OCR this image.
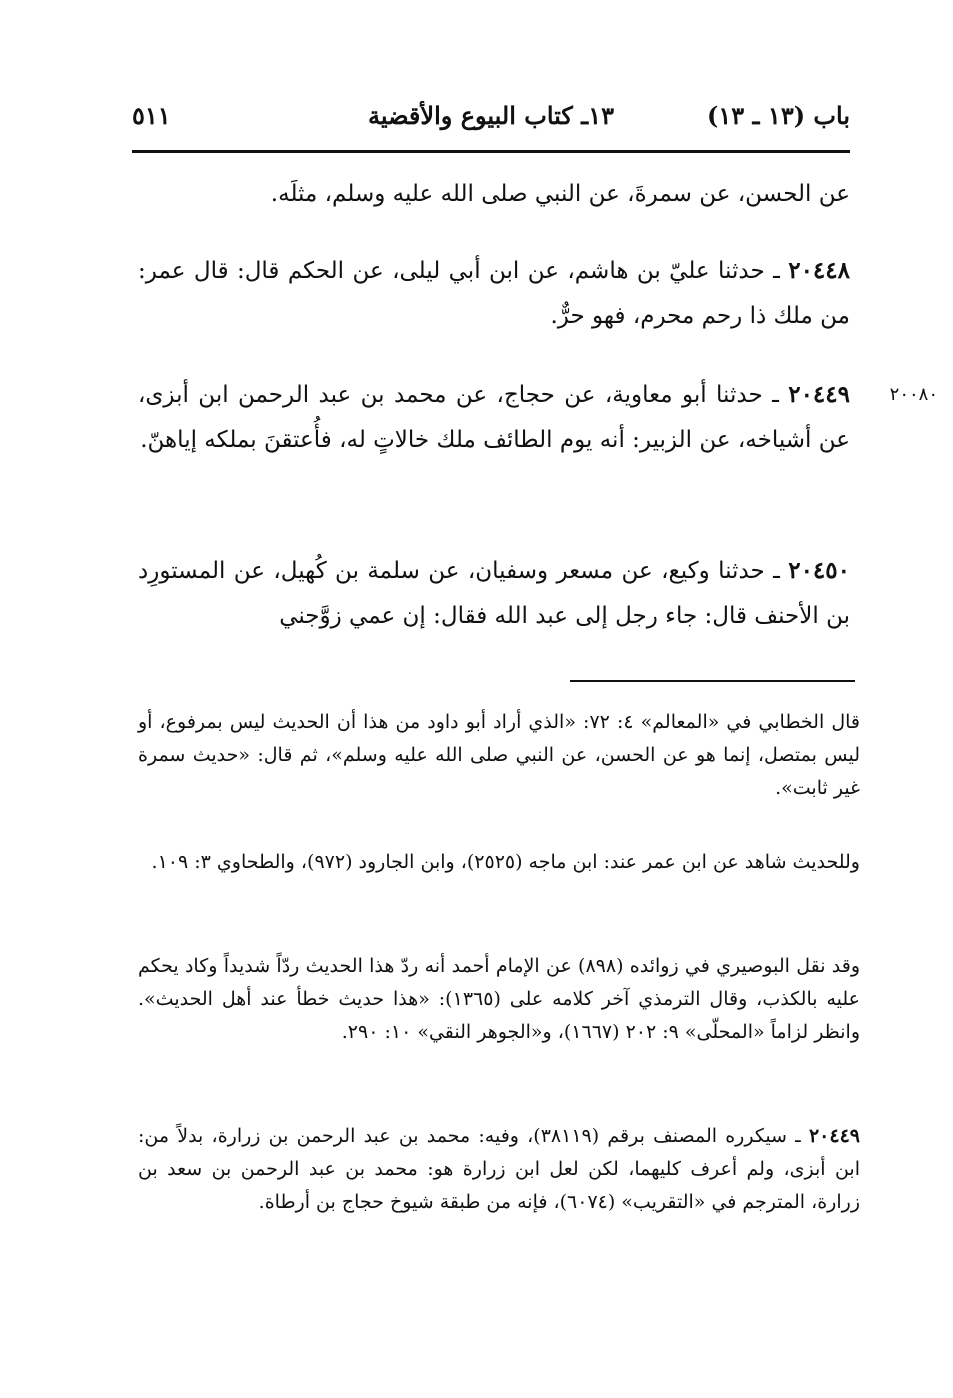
باب (١٣ ـ ١٣)
١٣ـ كتاب البيوع والأقضية
٥١١

عن الحسن، عن سمرةَ، عن النبي صلى الله عليه وسلم، مثلَه.

٢٠٤٤٨ ـ حدثنا عليّ بن هاشم، عن ابن أبي ليلى، عن الحكم قال: قال عمر: من ملك ذا رحم محرم، فهو حرٌّ.

٢٠٠٨٠

٢٠٤٤٩ ـ حدثنا أبو معاوية، عن حجاج، عن محمد بن عبد الرحمن ابن أبزى، عن أشياخه، عن الزبير: أنه يوم الطائف ملك خالاتٍ له، فأُعتقنَ بملكه إياهنّ.

٢٠٤٥٠ ـ حدثنا وكيع، عن مسعر وسفيان، عن سلمة بن كُهيل، عن المستورِد بن الأحنف قال: جاء رجل إلى عبد الله فقال: إن عمي زوَّجني

قال الخطابي في «المعالم» ٤: ٧٢: «الذي أراد أبو داود من هذا أن الحديث ليس بمرفوع، أو ليس بمتصل، إنما هو عن الحسن، عن النبي صلى الله عليه وسلم»، ثم قال: «حديث سمرة غير ثابت».

وللحديث شاهد عن ابن عمر عند: ابن ماجه (٢٥٢٥)، وابن الجارود (٩٧٢)، والطحاوي ٣: ١٠٩.

وقد نقل البوصيري في زوائده (٨٩٨) عن الإمام أحمد أنه ردّ هذا الحديث ردّاً شديداً وكاد يحكم عليه بالكذب، وقال الترمذي آخر كلامه على (١٣٦٥): «هذا حديث خطأ عند أهل الحديث». وانظر لزاماً «المحلّى» ٩: ٢٠٢ (١٦٦٧)، و«الجوهر النقي» ١٠: ٢٩٠.

٢٠٤٤٩ ـ سيكرره المصنف برقم (٣٨١١٩)، وفيه: محمد بن عبد الرحمن بن زرارة، بدلاً من: ابن أبزى، ولم أعرف كليهما، لكن لعل ابن زرارة هو: محمد بن عبد الرحمن بن سعد بن زرارة، المترجم في «التقريب» (٦٠٧٤)، فإنه من طبقة شيوخ حجاج بن أرطاة.
